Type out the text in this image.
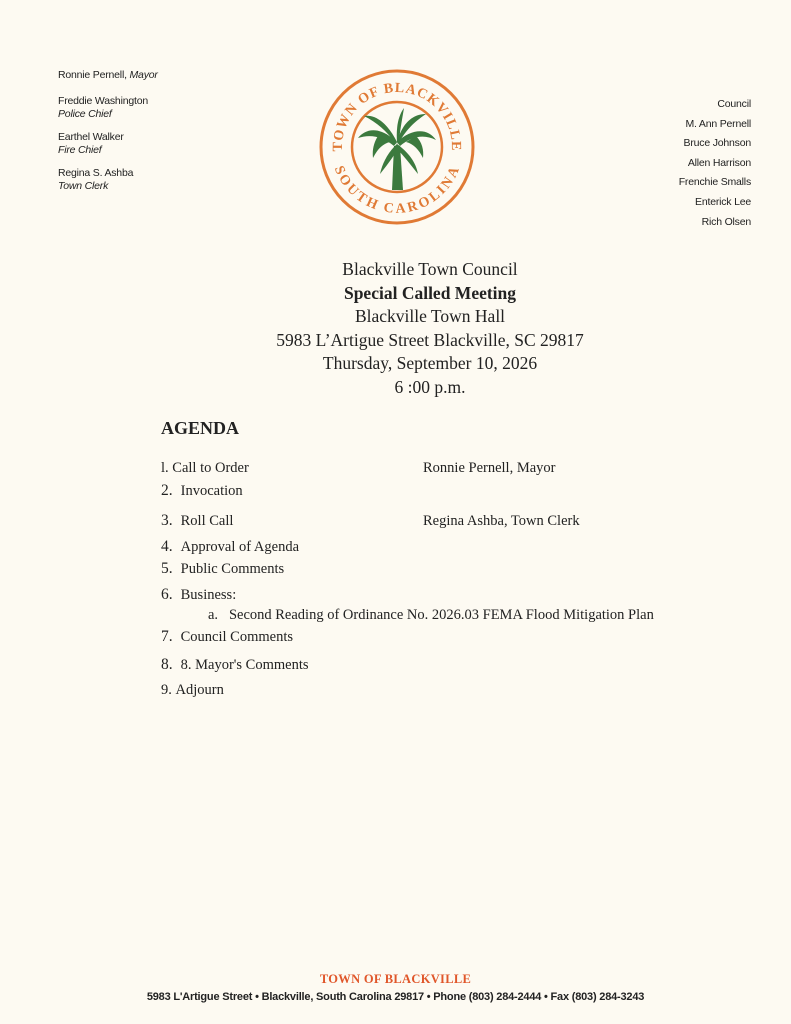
Ronnie Pernell, Mayor
Freddie Washington
Police Chief
Earthel Walker
Fire Chief
Regina S. Ashba
Town Clerk
TOWN OF BLACKVILLE
SOUTH CAROLINA
Council
M. Ann Pernell
Bruce Johnson
Allen Harrison
Frenchie Smalls
Enterick Lee
Rich Olsen
Blackville Town Council
Special Called Meeting
Blackville Town Hall
5983 L’Artigue Street Blackville, SC 29817
Thursday, September 10, 2026
6 :00 p.m.
AGENDA
l. Call to Order	Ronnie Pernell, Mayor
2. Invocation
3. Roll Call	Regina Ashba, Town Clerk
4. Approval of Agenda
5. Public Comments
6. Business:
a. Second Reading of Ordinance No. 2026.03 FEMA Flood Mitigation Plan
7. Council Comments
8. 8. Mayor's Comments
9. Adjourn
TOWN OF BLACKVILLE
5983 L'Artigue Street • Blackville, South Carolina 29817 • Phone (803) 284-2444 • Fax (803) 284-3243
